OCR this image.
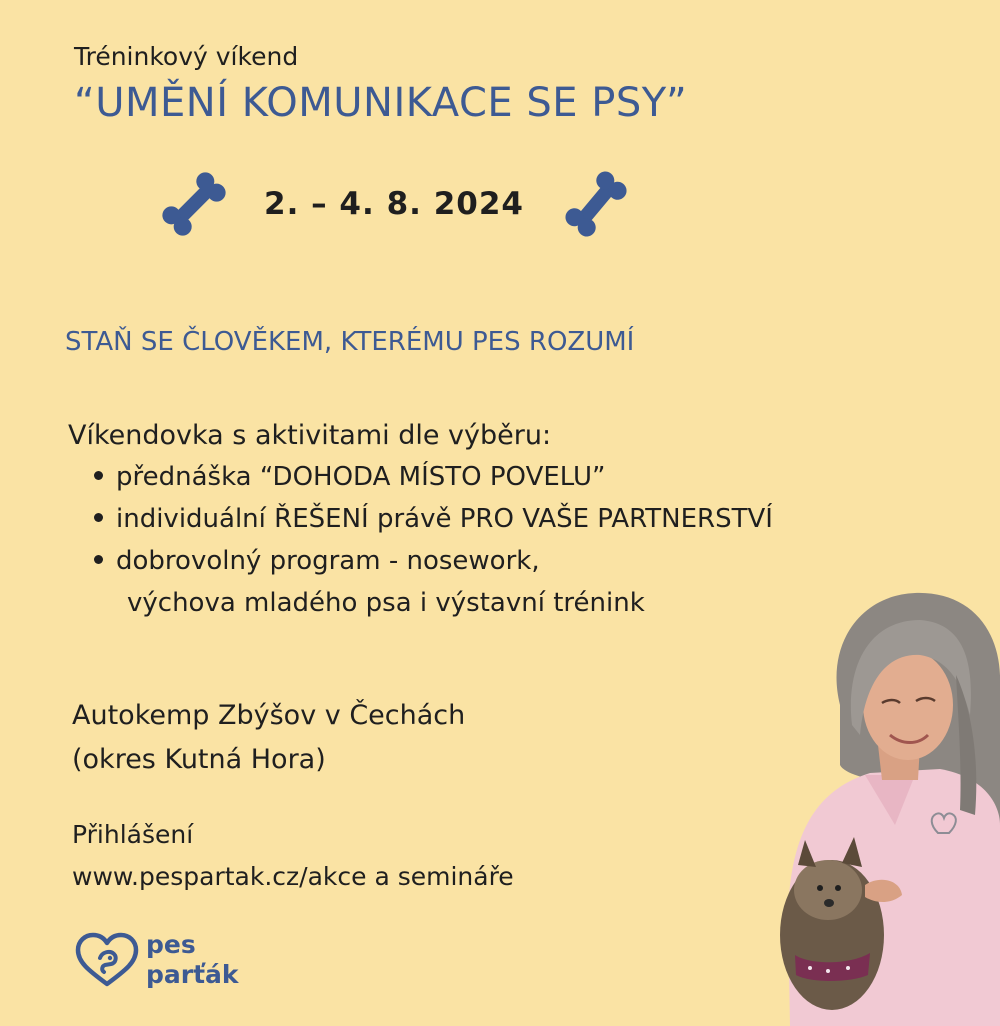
Tréninkový víkend
“UMĚNÍ KOMUNIKACE SE PSY”
2. – 4. 8. 2024
STAŇ SE ČLOVĚKEM, KTERÉMU PES ROZUMÍ
Víkendovka s aktivitami dle výběru:
přednáška “DOHODA MÍSTO POVELU”
individuální ŘEŠENÍ právě PRO VAŠE PARTNERSTVÍ
dobrovolný program - nosework,
výchova mladého psa i výstavní trénink
Autokemp Zbýšov v Čechách
(okres Kutná Hora)
Přihlášení
www.pespartak.cz/akce a semináře
pes
parťák
